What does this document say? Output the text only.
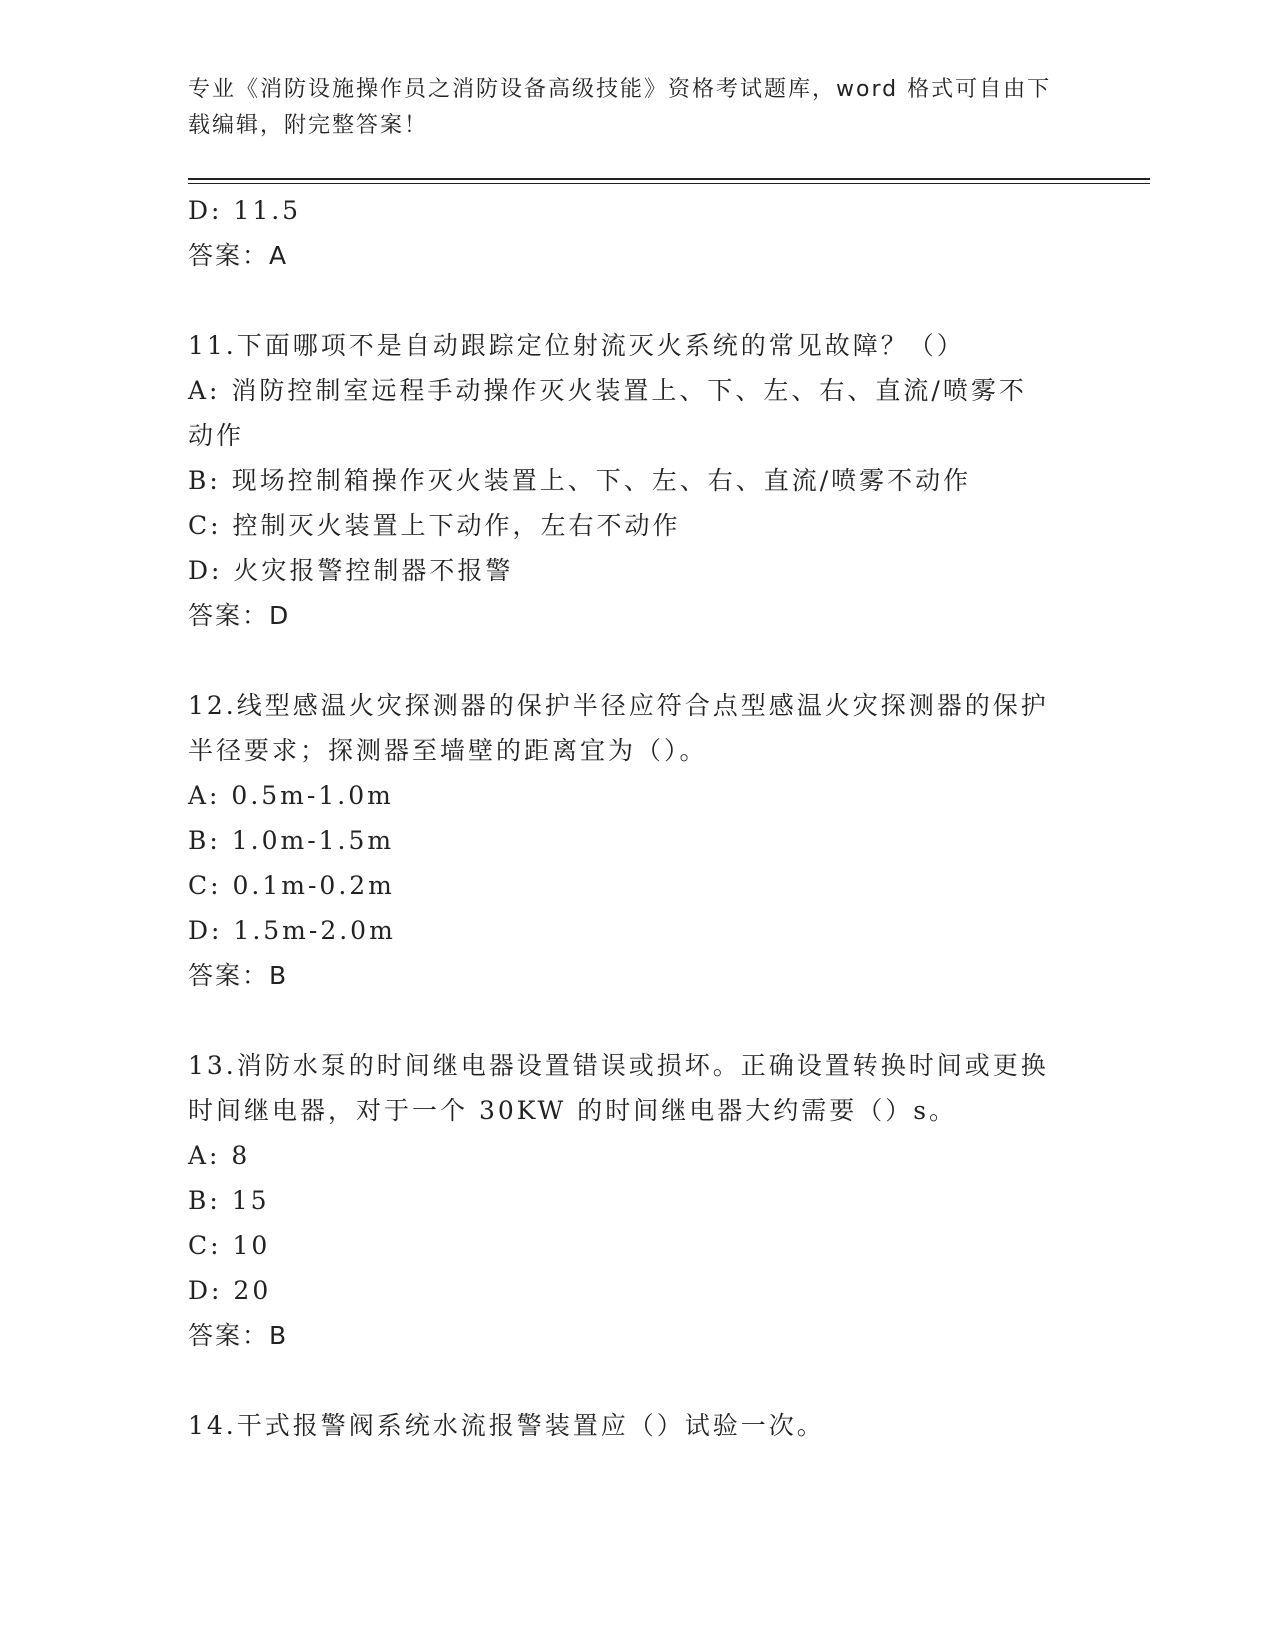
专业《消防设施操作员之消防设备高级技能》资格考试题库，word 格式可自由下
载编辑，附完整答案！
D: 11.5
答案：A
11.下面哪项不是自动跟踪定位射流灭火系统的常见故障？（）
A: 消防控制室远程手动操作灭火装置上、下、左、右、直流/喷雾不
动作
B: 现场控制箱操作灭火装置上、下、左、右、直流/喷雾不动作
C: 控制灭火装置上下动作，左右不动作
D: 火灾报警控制器不报警
答案：D
12.线型感温火灾探测器的保护半径应符合点型感温火灾探测器的保护
半径要求；探测器至墙壁的距离宜为（）。
A: 0.5m-1.0m
B: 1.0m-1.5m
C: 0.1m-0.2m
D: 1.5m-2.0m
答案：B
13.消防水泵的时间继电器设置错误或损坏。正确设置转换时间或更换
时间继电器，对于一个 30KW 的时间继电器大约需要（）s。
A: 8
B: 15
C: 10
D: 20
答案：B
14.干式报警阀系统水流报警装置应（）试验一次。
